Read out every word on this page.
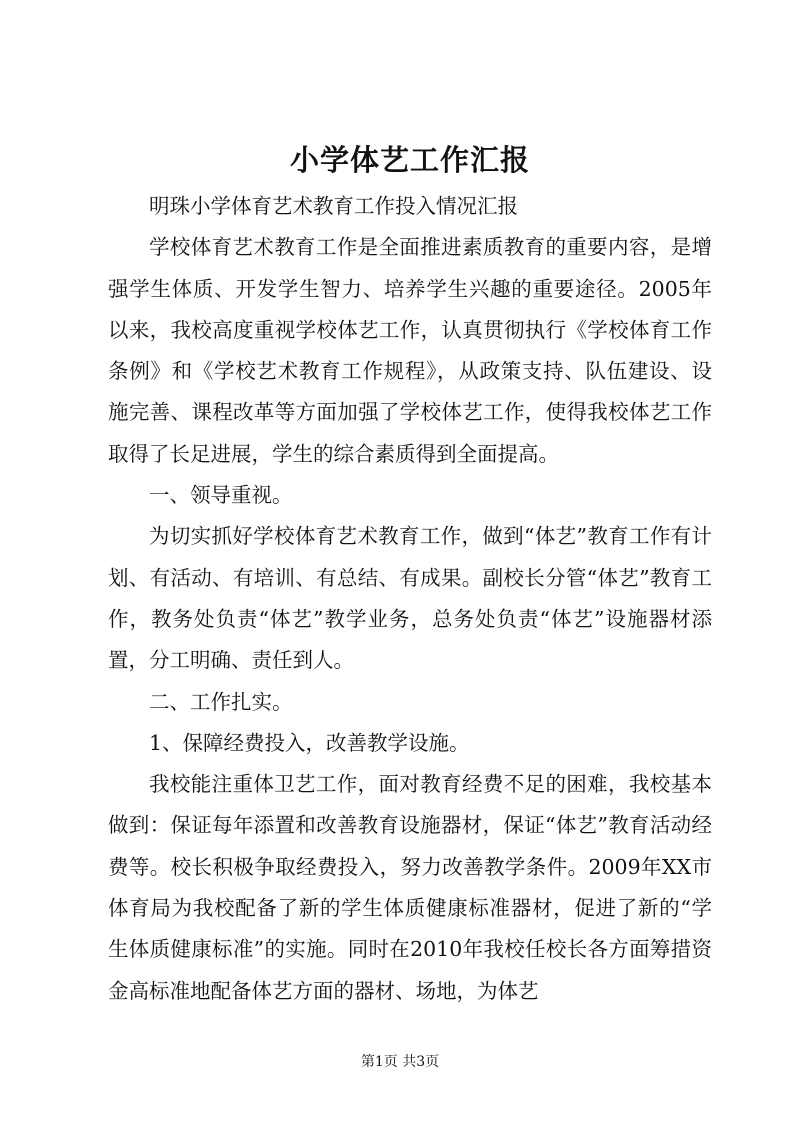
小学体艺工作汇报

明珠小学体育艺术教育工作投入情况汇报

学校体育艺术教育工作是全面推进素质教育的重要内容，是增强学生体质、开发学生智力、培养学生兴趣的重要途径。2005年以来，我校高度重视学校体艺工作，认真贯彻执行《学校体育工作条例》和《学校艺术教育工作规程》，从政策支持、队伍建设、设施完善、课程改革等方面加强了学校体艺工作，使得我校体艺工作取得了长足进展，学生的综合素质得到全面提高。

一、领导重视。

为切实抓好学校体育艺术教育工作，做到“体艺”教育工作有计划、有活动、有培训、有总结、有成果。副校长分管“体艺”教育工作，教务处负责“体艺”教学业务，总务处负责“体艺”设施器材添置，分工明确、责任到人。

二、工作扎实。

1、保障经费投入，改善教学设施。

我校能注重体卫艺工作，面对教育经费不足的困难，我校基本做到：保证每年添置和改善教育设施器材，保证“体艺”教育活动经费等。校长积极争取经费投入，努力改善教学条件。2009年XX市体育局为我校配备了新的学生体质健康标准器材，促进了新的“学生体质健康标准”的实施。同时在2010年我校任校长各方面筹措资金高标准地配备体艺方面的器材、场地，为体艺

第1页 共3页
